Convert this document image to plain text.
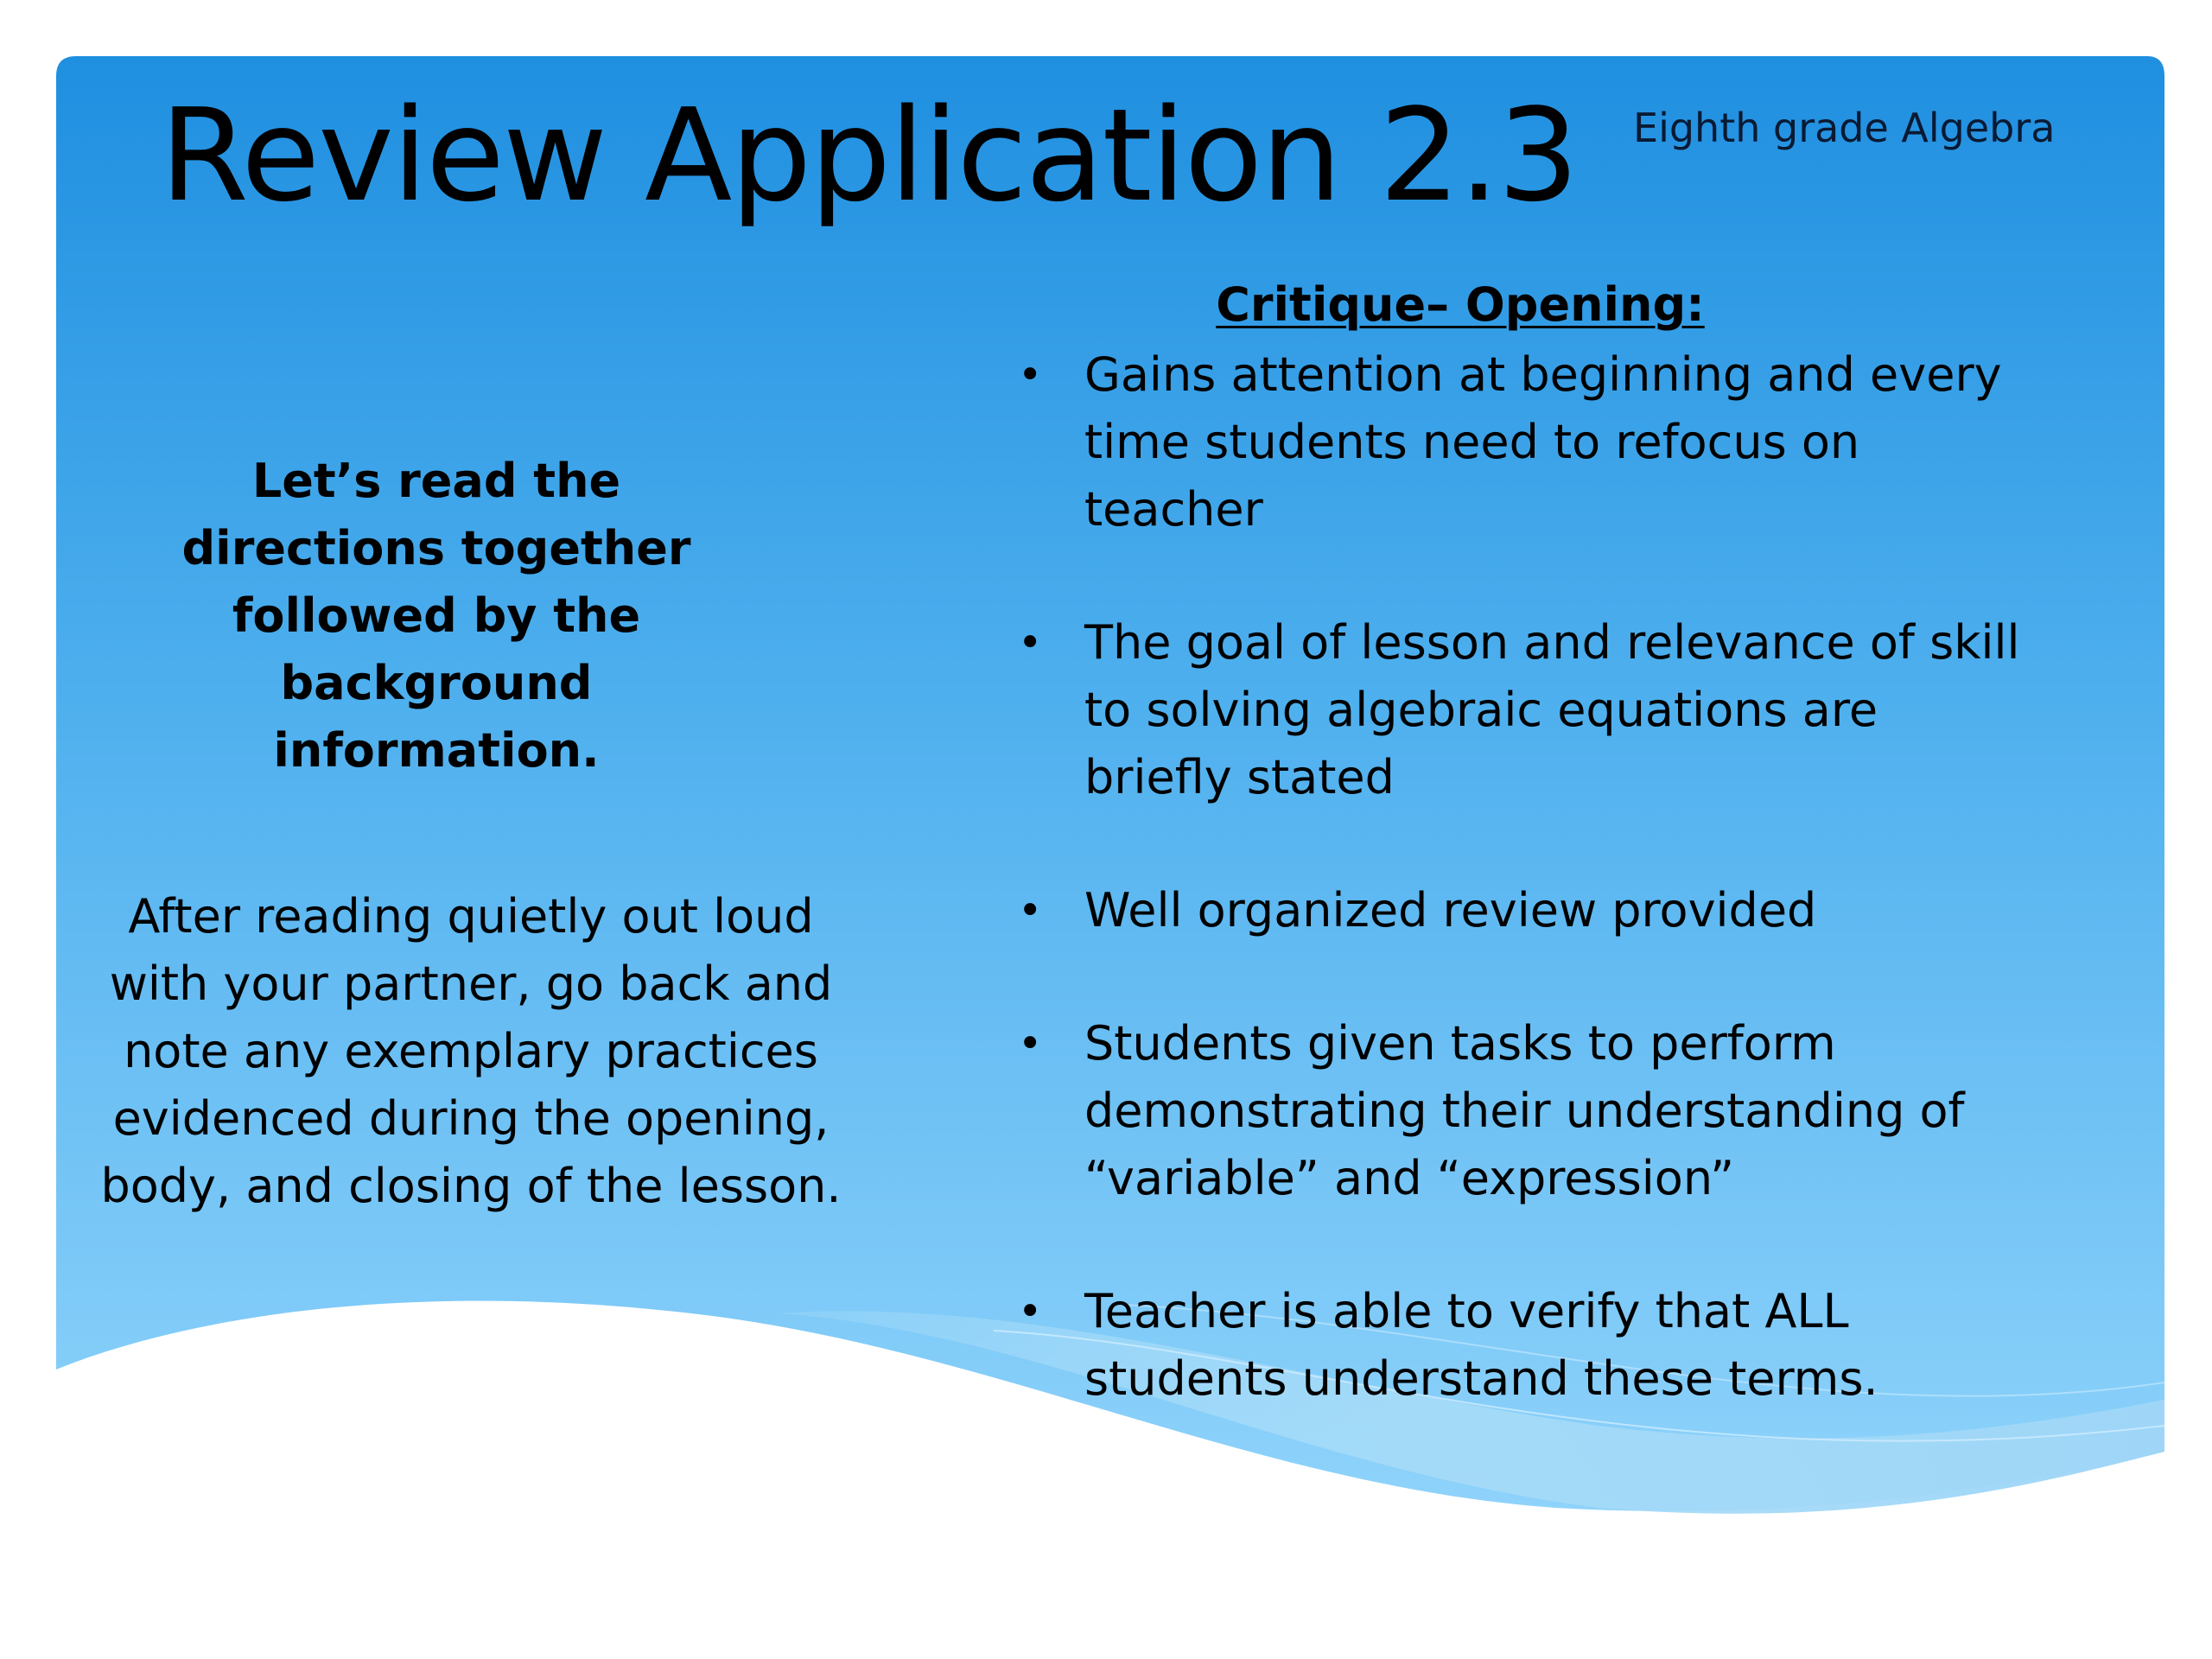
Review Application 2.3 Eighth grade Algebra
Let’s read the directions together followed by the background information.
After reading quietly out loud with your partner, go back and note any exemplary practices evidenced during the opening, body, and closing of the lesson.
Critique– Opening:
• Gains attention at beginning and every time students need to refocus on teacher
• The goal of lesson and relevance of skill to solving algebraic equations are briefly stated
• Well organized review provided
• Students given tasks to perform demonstrating their understanding of “variable” and “expression”
• Teacher is able to verify that ALL students understand these terms.
